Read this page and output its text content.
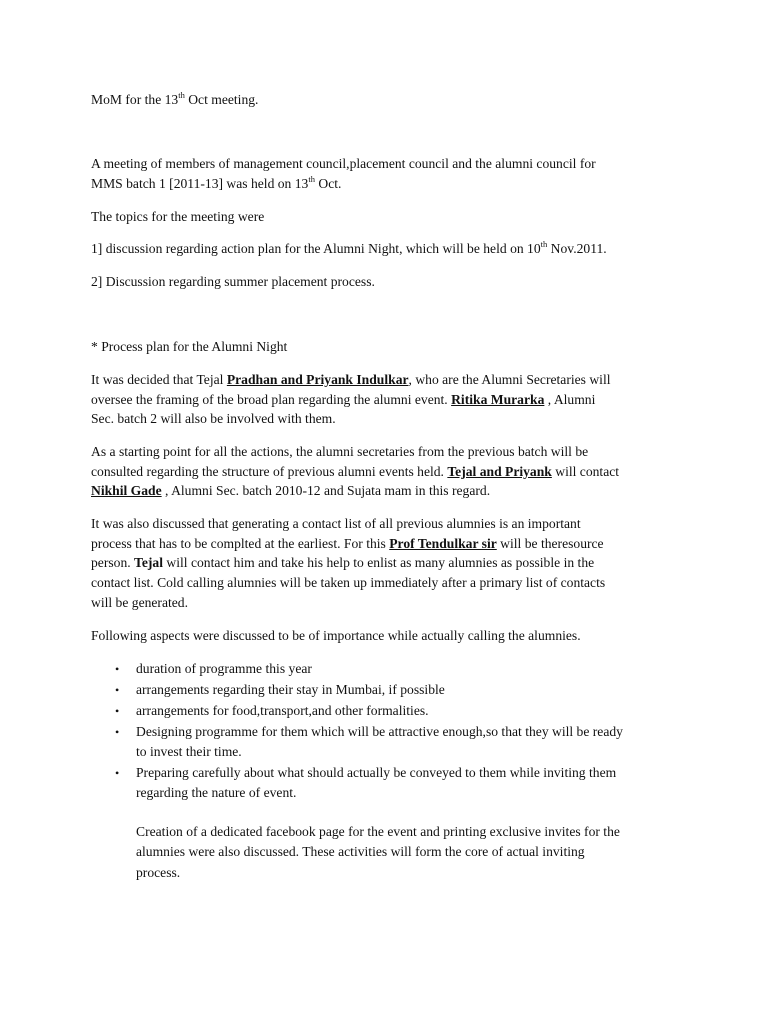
MoM for the 13th Oct meeting.

A meeting of members of management council,placement council and the alumni council for
MMS batch 1 [2011-13] was held on 13th Oct.

The topics for the meeting were

1] discussion regarding action plan for the Alumni Night, which will be held on 10th Nov.2011.

2] Discussion regarding summer placement process.

* Process plan for the Alumni Night

It was decided that Tejal Pradhan and Priyank Indulkar, who are the Alumni Secretaries will
oversee the framing of the broad plan regarding the alumni event. Ritika Murarka , Alumni
Sec. batch 2 will also be involved with them.

As a starting point for all the actions, the alumni secretaries from the previous batch will be
consulted regarding the structure of previous alumni events held. Tejal and Priyank will contact
Nikhil Gade , Alumni Sec. batch 2010-12 and Sujata mam in this regard.

It was also discussed that generating a contact list of all previous alumnies is an important
process that has to be complted at the earliest. For this Prof Tendulkar sir will be theresource
person. Tejal will contact him and take his help to enlist as many alumnies as possible in the
contact list. Cold calling alumnies will be taken up immediately after a primary list of contacts
will be generated.

Following aspects were discussed to be of importance while actually calling the alumnies.

• duration of programme this year
• arrangements regarding their stay in Mumbai, if possible
• arrangements for food,transport,and other formalities.
• Designing programme for them which will be attractive enough,so that they will be ready
to invest their time.
• Preparing carefully about what should actually be conveyed to them while inviting them
regarding the nature of event.
Creation of a dedicated facebook page for the event and printing exclusive invites for the
alumnies were also discussed. These activities will form the core of actual inviting
process.
